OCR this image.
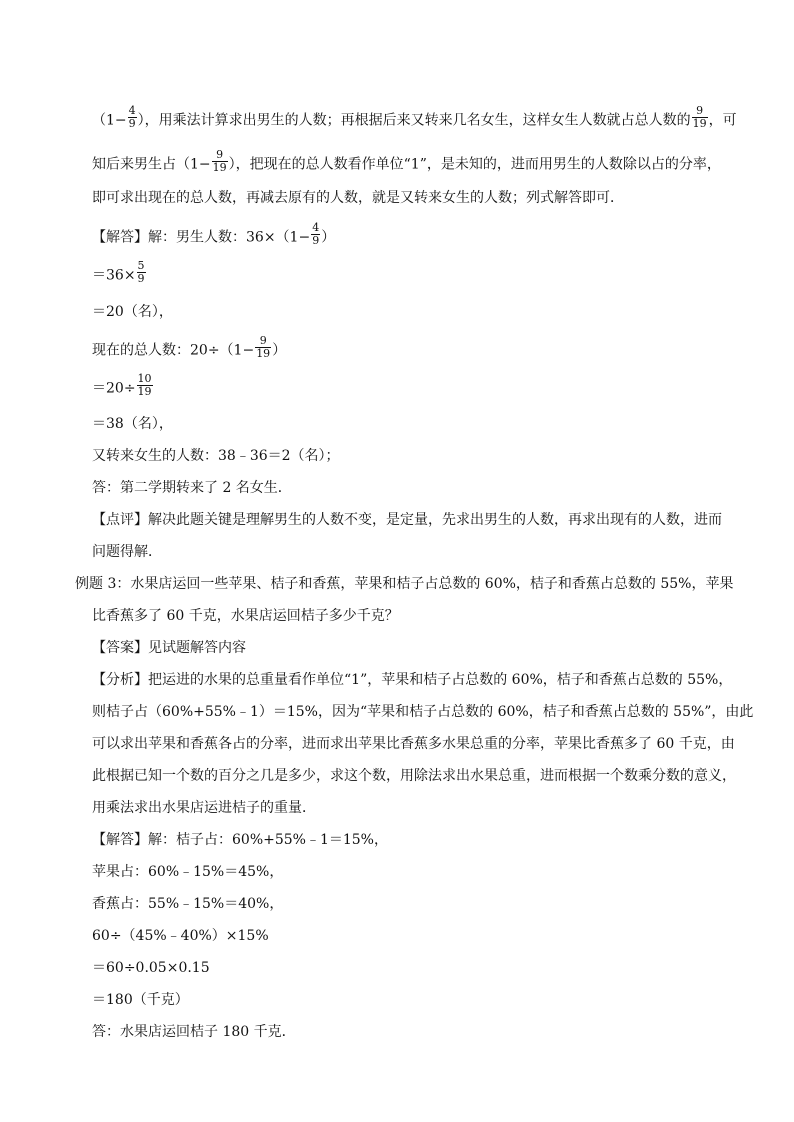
（$1- \frac{4}{9}$ ），用乘法计算求出男生的人数；再根据后来又转来几名女生，这样女生人数就占总人数的 $\frac{9}{19}$ ，可
知后来男生占（$1- \frac{9}{19}$ ），把现在的总人数看作单位“1”，是未知的，进而用男生的人数除以占的分率，
即可求出现在的总人数，再减去原有的人数，就是又转来女生的人数；列式解答即可．
【解答】解：男生人数：$36\times(1- \frac{4}{9}$ ）
$=36\times \frac{5}{9}$
＝20（名），
现在的总人数：$20\div(1- \frac{9}{19}$ ）
$=20\div \frac{10}{19}$
＝38（名），
又转来女生的人数：38﹣36＝2（名）；
答：第二学期转来了 2 名女生．
【点评】解决此题关键是理解男生的人数不变，是定量，先求出男生的人数，再求出现有的人数，进而
问题得解．
例题 3：水果店运回一些苹果、桔子和香蕉，苹果和桔子占总数的 60%，桔子和香蕉占总数的 55%，苹果
比香蕉多了 60 千克，水果店运回桔子多少千克？
【答案】见试题解答内容
【分析】把运进的水果的总重量看作单位“1”，苹果和桔子占总数的 60%，桔子和香蕉占总数的 55%，
则桔子占（60%+55%﹣1）＝15%，因为“苹果和桔子占总数的 60%，桔子和香蕉占总数的 55%”，由此
可以求出苹果和香蕉各占的分率，进而求出苹果比香蕉多水果总重的分率，苹果比香蕉多了 60 千克，由
此根据已知一个数的百分之几是多少，求这个数，用除法求出水果总重，进而根据一个数乘分数的意义，
用乘法求出水果店运进桔子的重量．
【解答】解：桔子占：60%+55%﹣1＝15%，
苹果占：60%﹣15%＝45%，
香蕉占：55%﹣15%＝40%，
60÷（45%﹣40%）×15%
＝60÷0.05×0.15
＝180（千克）
答：水果店运回桔子 180 千克．
